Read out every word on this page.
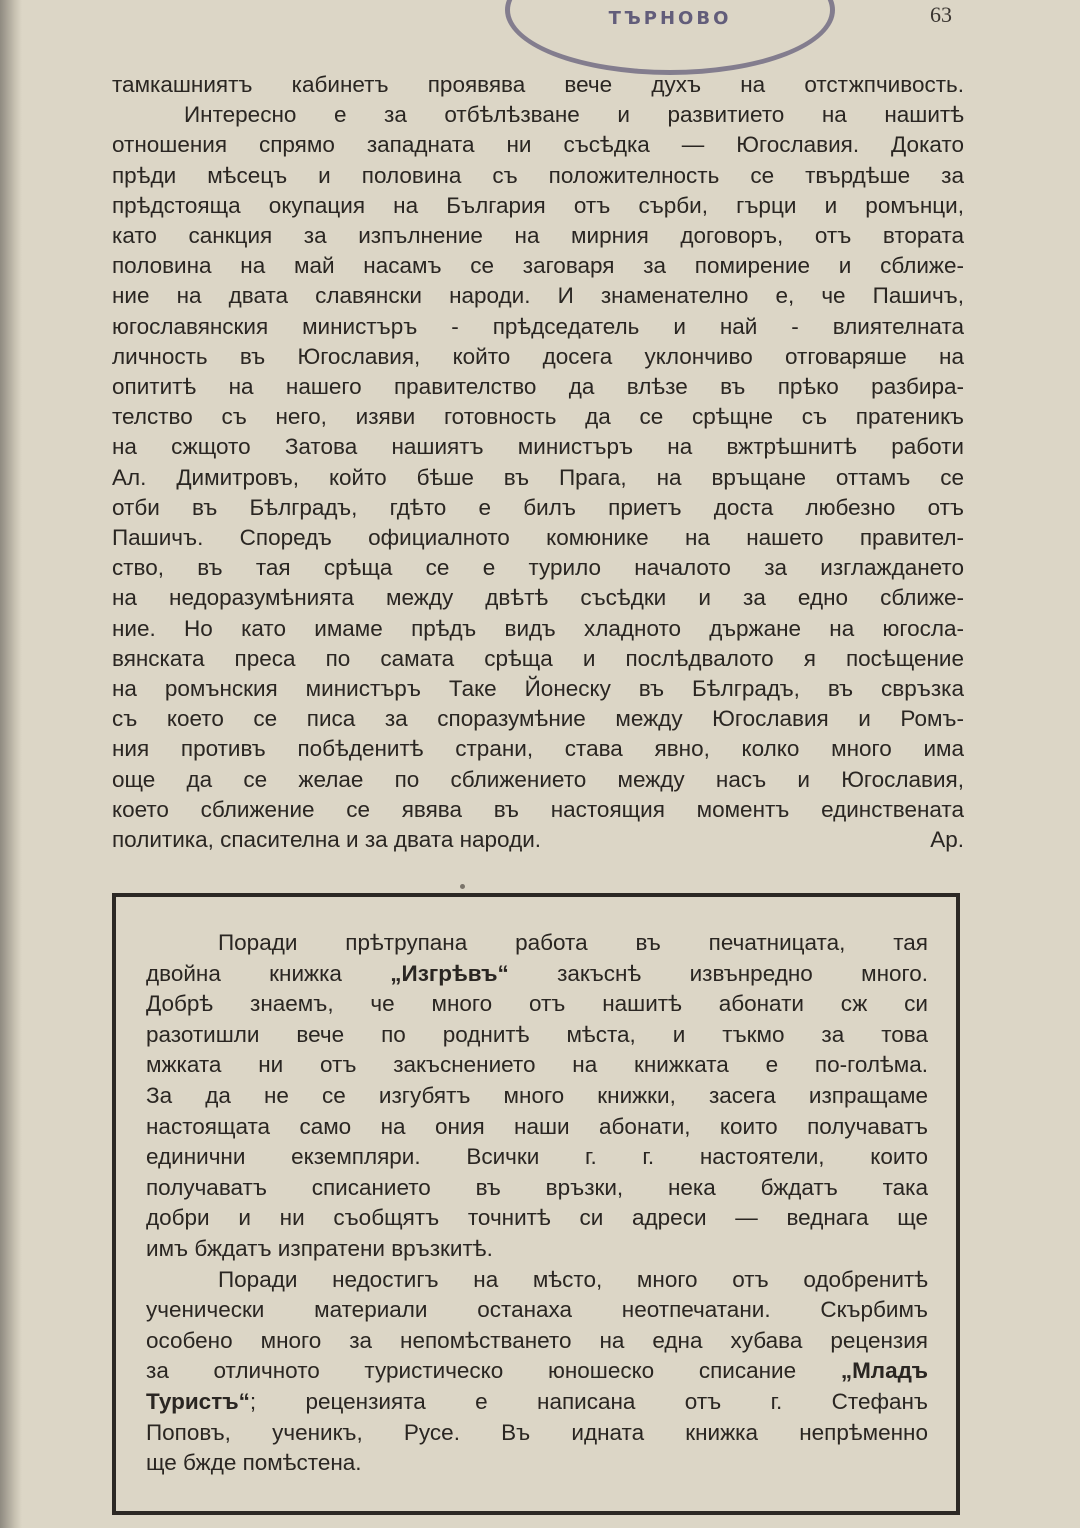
ТЪРНОВО	63
тамкашниятъ кабинетъ проявява вече духъ на отстжпчивость.
Интересно е за отбѣлѣзване и развитието на нашитѣ
отношения спрямо западната ни съсѣдка — Югославия. Докато
прѣди мѣсецъ и половина съ положителность се твърдѣше за
прѣдстояща окупация на България отъ сърби, гърци и ромънци,
като санкция за изпълнение на мирния договоръ, отъ втората
половина на май насамъ се заговаря за помирение и сближе-
ние на двата славянски народи. И знаменателно е, че Пашичъ,
югославянския министъръ - прѣдседатель и най - влиятелната
личность въ Югославия, който досега уклончиво отговаряше на
опититѣ на нашего правителство да влѣзе въ прѣко разбира-
телство съ него, изяви готовность да се срѣщне съ пратеникъ
на сжщото Затова нашиятъ министъръ на вжтрѣшнитѣ работи
Ал. Димитровъ, който бѣше въ Прага, на връщане оттамъ се
отби въ Бѣлградъ, гдѣто е билъ приетъ доста любезно отъ
Пашичъ. Споредъ официалното комюнике на нашето правител-
ство, въ тая срѣща се е турило началото за изглаждането
на недоразумѣнията между двѣтѣ съсѣдки и за едно сближе-
ние. Но като имаме прѣдъ видъ хладното държане на югосла-
вянската преса по самата срѣща и послѣдвалото я посѣщение
на ромънския министъръ Таке Йонеску въ Бѣлградъ, въ свръзка
съ което се писа за споразумѣние между Югославия и Ромъ-
ния противъ побѣденитѣ страни, става явно, колко много има
още да се желае по сближението между насъ и Югославия,
което сближение се явява въ настоящия моментъ единствената
политика, спасителна и за двата народи.	Ар.
Поради прѣтрупана работа въ печатницата, тая
двойна книжка „Изгрѣвъ“ закъснѣ извънредно много.
Добрѣ знаемъ, че много отъ нашитѣ абонати сж си
разотишли вече по роднитѣ мѣста, и тъкмо за това
мжката ни отъ закъснението на книжката е по-голѣма.
За да не се изгубятъ много книжки, засега изпращаме
настоящата само на ония наши абонати, които получаватъ
единични екземпляри. Всички г. г. настоятели, които
получаватъ списанието въ връзки, нека бждатъ така
добри и ни съобщятъ точнитѣ си адреси — веднага ще
имъ бждатъ изпратени връзкитѣ.
Поради недостигъ на мѣсто, много отъ одобренитѣ
ученически материали останаха неотпечатани. Скърбимъ
особено много за непомѣстването на една хубава рецензия
за отличното туристическо юношеско списание „Младъ
Туристъ“; рецензията е написана отъ г. Стефанъ
Поповъ, ученикъ, Русе. Въ идната книжка непрѣменно
ще бжде помѣстена.
